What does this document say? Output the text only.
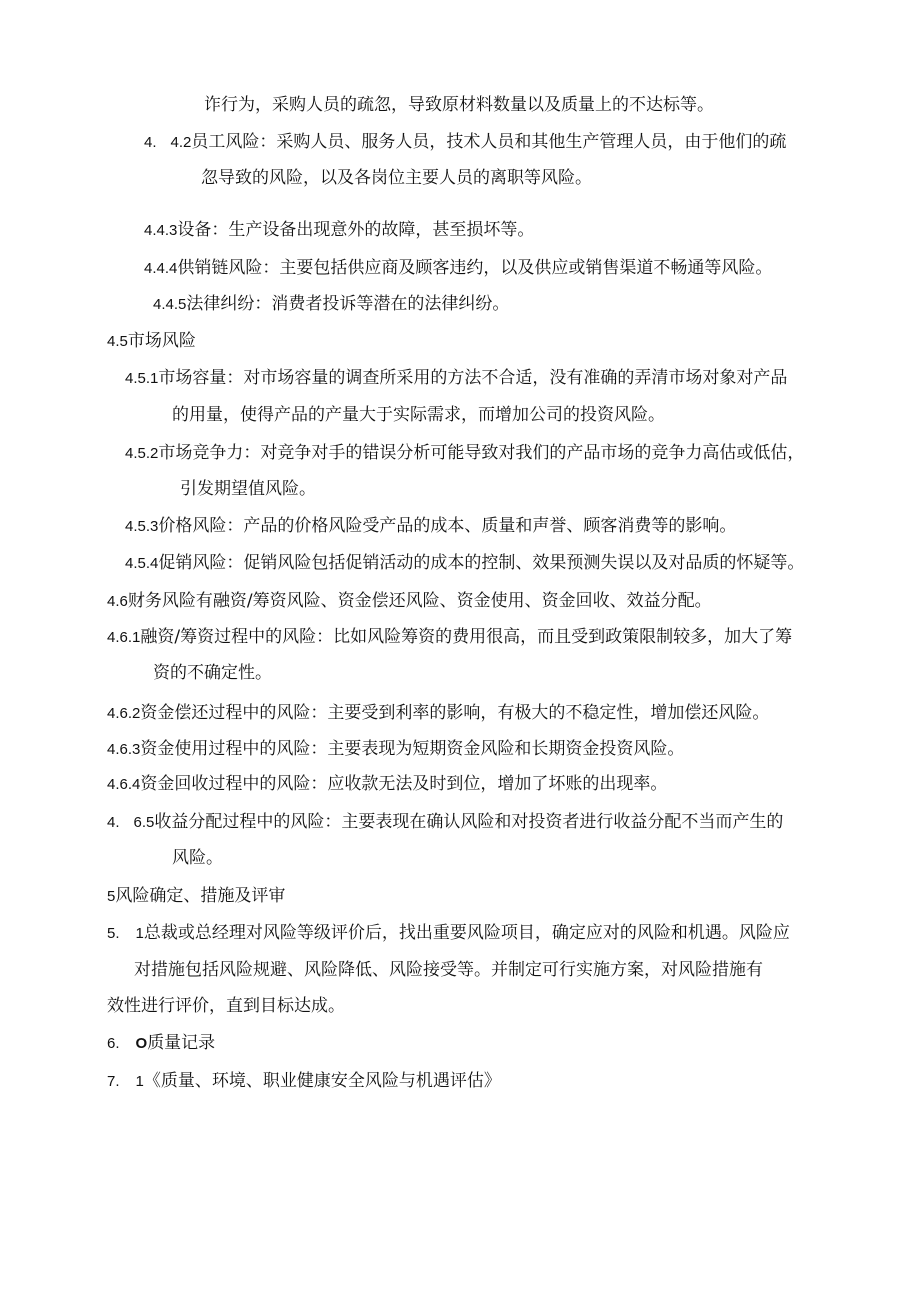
诈行为，采购人员的疏忽，导致原材料数量以及质量上的不达标等。
4. 4.2员工风险：采购人员、服务人员，技术人员和其他生产管理人员，由于他们的疏
忽导致的风险，以及各岗位主要人员的离职等风险。
4.4.3设备：生产设备出现意外的故障，甚至损坏等。
4.4.4供销链风险：主要包括供应商及顾客违约，以及供应或销售渠道不畅通等风险。
4.4.5法律纠纷：消费者投诉等潜在的法律纠纷。
4.5市场风险
4.5.1市场容量：对市场容量的调查所采用的方法不合适，没有准确的弄清市场对象对产品
的用量，使得产品的产量大于实际需求，而增加公司的投资风险。
4.5.2市场竞争力：对竞争对手的错误分析可能导致对我们的产品市场的竞争力高估或低估，
引发期望值风险。
4.5.3价格风险：产品的价格风险受产品的成本、质量和声誉、顾客消费等的影响。
4.5.4促销风险：促销风险包括促销活动的成本的控制、效果预测失误以及对品质的怀疑等。
4.6财务风险有融资/筹资风险、资金偿还风险、资金使用、资金回收、效益分配。
4.6.1融资/筹资过程中的风险：比如风险筹资的费用很高，而且受到政策限制较多，加大了筹
资的不确定性。
4.6.2资金偿还过程中的风险：主要受到利率的影响，有极大的不稳定性，增加偿还风险。
4.6.3资金使用过程中的风险：主要表现为短期资金风险和长期资金投资风险。
4.6.4资金回收过程中的风险：应收款无法及时到位，增加了坏账的出现率。
4. 6.5收益分配过程中的风险：主要表现在确认风险和对投资者进行收益分配不当而产生的
风险。
5风险确定、措施及评审
5. 1总裁或总经理对风险等级评价后，找出重要风险项目，确定应对的风险和机遇。风险应
对措施包括风险规避、风险降低、风险接受等。并制定可行实施方案，对风险措施有
效性进行评价，直到目标达成。
6. O质量记录
7. 1《质量、环境、职业健康安全风险与机遇评估》
